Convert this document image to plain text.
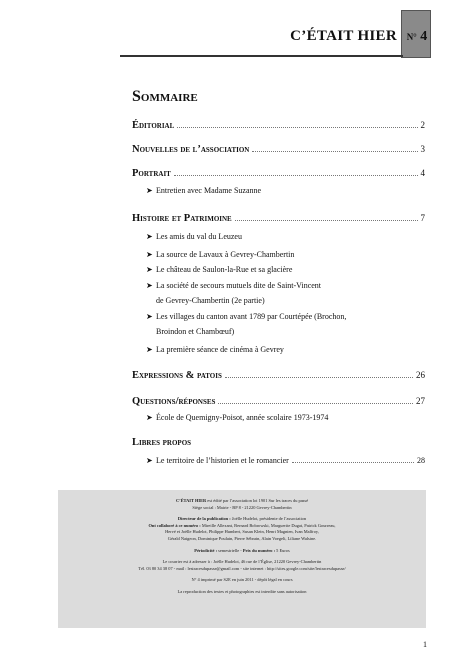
N° 4
C’ÉTAIT HIER
Sommaire
Éditorial	2
Nouvelles de l’association	3
Portrait	4
➤ Entretien avec Madame Suzanne
Histoire et Patrimoine	7
➤ Les amis du val du Leuzeu
➤ La source de Lavaux à Gevrey-Chambertin
➤ Le château de Saulon-la-Rue et sa glacière
➤ La société de secours mutuels dite de Saint-Vincent
de Gevrey-Chambertin (2e partie)
➤ Les villages du canton avant 1789 par Courtépée (Brochon,
Broindon et Chambœuf)
➤ La première séance de cinéma à Gevrey
Expressions & patois	26
Questions/réponses	27
➤ École de Quemigny-Poisot, année scolaire 1973-1974
Libres propos
➤ Le territoire de l’historien et le romancier	28
C’ÉTAIT HIER est édité par l’association loi 1901 Sur les traces du passé
Siège social : Mairie - BP 8 - 21220 Gevrey-Chambertin
Directeur de la publication : Joëlle Hudelot, présidente de l’association
Ont collaboré à ce numéro : Mireille Allexant, Bernard Bobrowski, Marguerite Dugat, Patrick Gourreau,
Hervé et Joëlle Hudelot, Philippe Humbert, Susan Klein, Henri Magnien, Ivan Malfroy,
Gérald Naigeon, Dominique Poulain, Pierre Sébrain, Alain Voegeli, Liliane Walsine.
Périodicité : semestrielle - Prix du numéro : 5 Euros
Le courrier est à adresser à : Joëlle Hudelot, 46 rue de l’Église, 21220 Gevrey-Chambertin
Tél. 03 80 34 38 07 - mail : lestracesdupasse@gmail.com - site internet : http://sites.google.com/site/lestracesdupasse/
N° 4 imprimé par S2E en juin 2011 - dépôt légal en cours
La reproduction des textes et photographies est interdite sans autorisation
1
